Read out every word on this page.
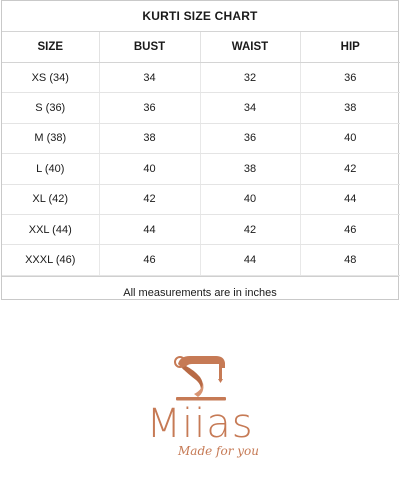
KURTI SIZE CHART
SIZE	BUST	WAIST	HIP
XS (34)	34	32	36
S (36)	36	34	38
M (38)	38	36	40
L (40)	40	38	42
XL (42)	42	40	44
XXL (44)	44	42	46
XXXL (46)	46	44	48
All measurements are in inches
Miias
Made for you
